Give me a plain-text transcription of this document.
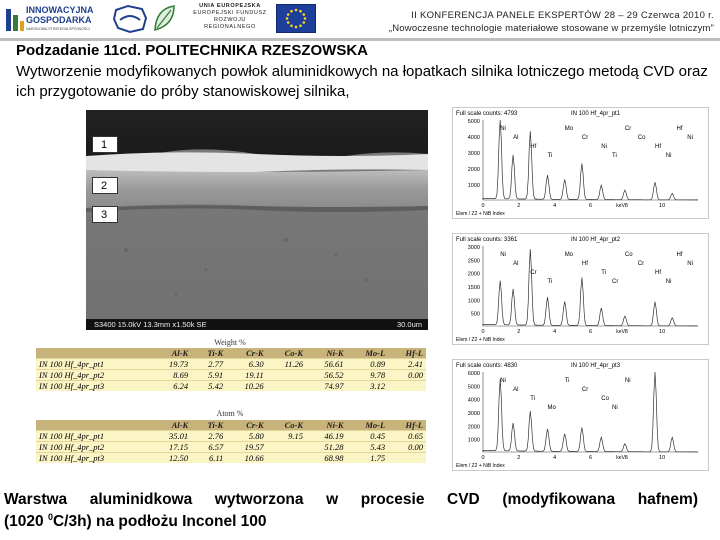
INNOWACYJNA
GOSPODARKA
NARODOWA STRATEGIA SPÓJNOŚCI
UNIA EUROPEJSKA
EUROPEJSKI FUNDUSZ
ROZWOJU REGIONALNEGO
II KONFERENCJA PANELE EKSPERTÓW 28 – 29 Czerwca 2010 r.
„Nowoczesne technologie materiałowe stosowane w przemyśle lotniczym”
Podzadanie 11cd. POLITECHNIKA RZESZOWSKA
Wytworzenie modyfikowanych powłok aluminidkowych na łopatkach silnika lotniczego metodą CVD oraz ich przygotowanie do próby stanowiskowej silnika,
1
2
3
S3400 15.0kV 13.3mm x1.50k SE	30.0um
5000
4000
3000
2000
1000
0	2	4	6	8	10
keV
Elem / Z2 + NiB Index
Ni
Al
Hf
Ti
Mo
Cr
Ni
Ti
Cr
Co
Hf
Ni
Hf
Ni
Full scale counts: 4793	IN 100 Hf_4pr_pt1
3000
2500
2000
1500
1000
500
0	2	4	6	8	10
keV
Elem / Z2 + NiB Index
Ni
Al
Cr
Ti
Mo
Hf
Ti
Cr
Co
Cr
Hf
Ni
Hf
Ni
Full scale counts: 3361	IN 100 Hf_4pr_pt2
6000
5000
4000
3000
2000
1000
0	2	4	6	8	10
keV
Elem / Z2 + NiB Index
Ni
Al
Ti
Mo
Ti
Cr
Co
Ni
Ni
Full scale counts: 4830	IN 100 Hf_4pr_pt3
Weight %
	Al-K	Ti-K	Cr-K	Co-K	Ni-K	Mo-L	Hf-L
IN 100 Hf_4pr_pt1	19.73	2.77	6.30	11.26	56.61	0.89	2.41
IN 100 Hf_4pr_pt2	8.69	5.91	19.11		56.52	9.78	0.00
IN 100 Hf_4pr_pt3	6.24	5.42	10.26		74.97	3.12	
Atom %
	Al-K	Ti-K	Cr-K	Co-K	Ni-K	Mo-L	Hf-L
IN 100 Hf_4pr_pt1	35.01	2.76	5.80	9.15	46.19	0.45	0.65
IN 100 Hf_4pr_pt2	17.15	6.57	19.57		51.28	5.43	0.00
IN 100 Hf_4pr_pt3	12.50	6.11	10.66		68.98	1.75	
Warstwa aluminidkowa wytworzona w procesie CVD (modyfikowana hafnem)
(1020 $^0$C/3h) na podłożu Inconel 100
